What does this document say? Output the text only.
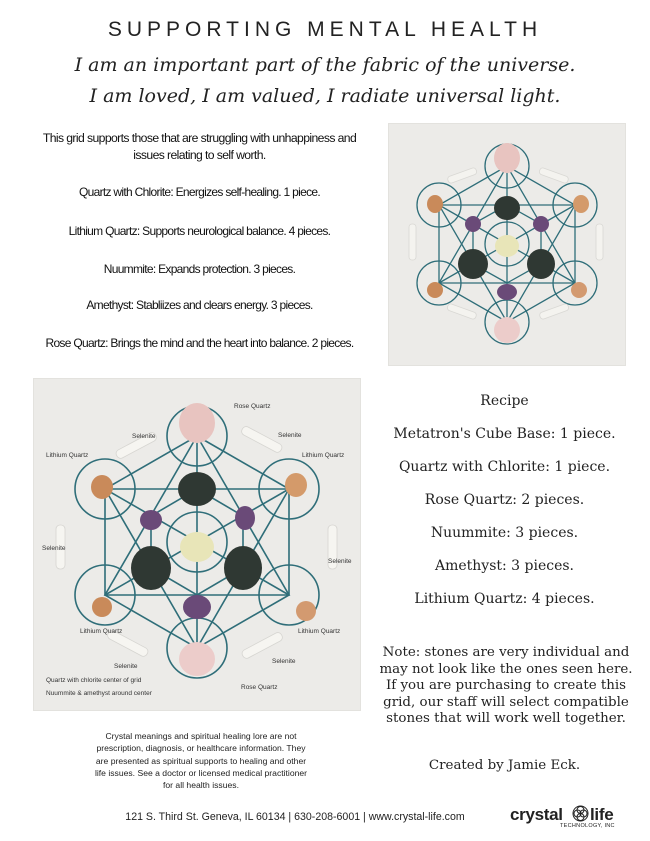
SUPPORTING MENTAL HEALTH
I am an important part of the fabric of the universe.
I am loved, I am valued, I radiate universal light.

This grid supports those that are struggling with unhappiness and

issues relating to self worth.

Quartz with Chlorite: Energizes self-healing. 1 piece.
Lithium Quartz: Supports neurological balance. 4 pieces.
Nuummite: Expands protection. 3 pieces.
Amethyst: Stabliizes and clears energy. 3 pieces.
Rose Quartz: Brings the mind and the heart into balance. 2 pieces.
Rose Quartz
Selenite
Selenite
Lithium Quartz	Lithium Quartz
Selenite
Selenite
Lithium Quartz	Lithium Quartz
Selenite
Selenite
Rose Quartz
Quartz with chlorite center of grid
Nuummite & amethyst around center
Recipe
Metatron's Cube Base: 1 piece.
Quartz with Chlorite: 1 piece.
Rose Quartz: 2 pieces.
Nuummite: 3 pieces.
Amethyst: 3 pieces.
Lithium Quartz: 4 pieces.
Note: stones are very individual and may not look like the ones seen here. If you are purchasing to create this grid, our staff will select compatible stones that will work well together.
Created by Jamie Eck.
Crystal meanings and spiritual healing lore are not prescription, diagnosis, or healthcare information. They are presented as spiritual supports to healing and other life issues. See a doctor or licensed medical practitioner for all health issues.
121 S. Third St. Geneva, IL 60134 | 630-208-6001 | www.crystal-life.com	crystal life
TECHNOLOGY, INC
